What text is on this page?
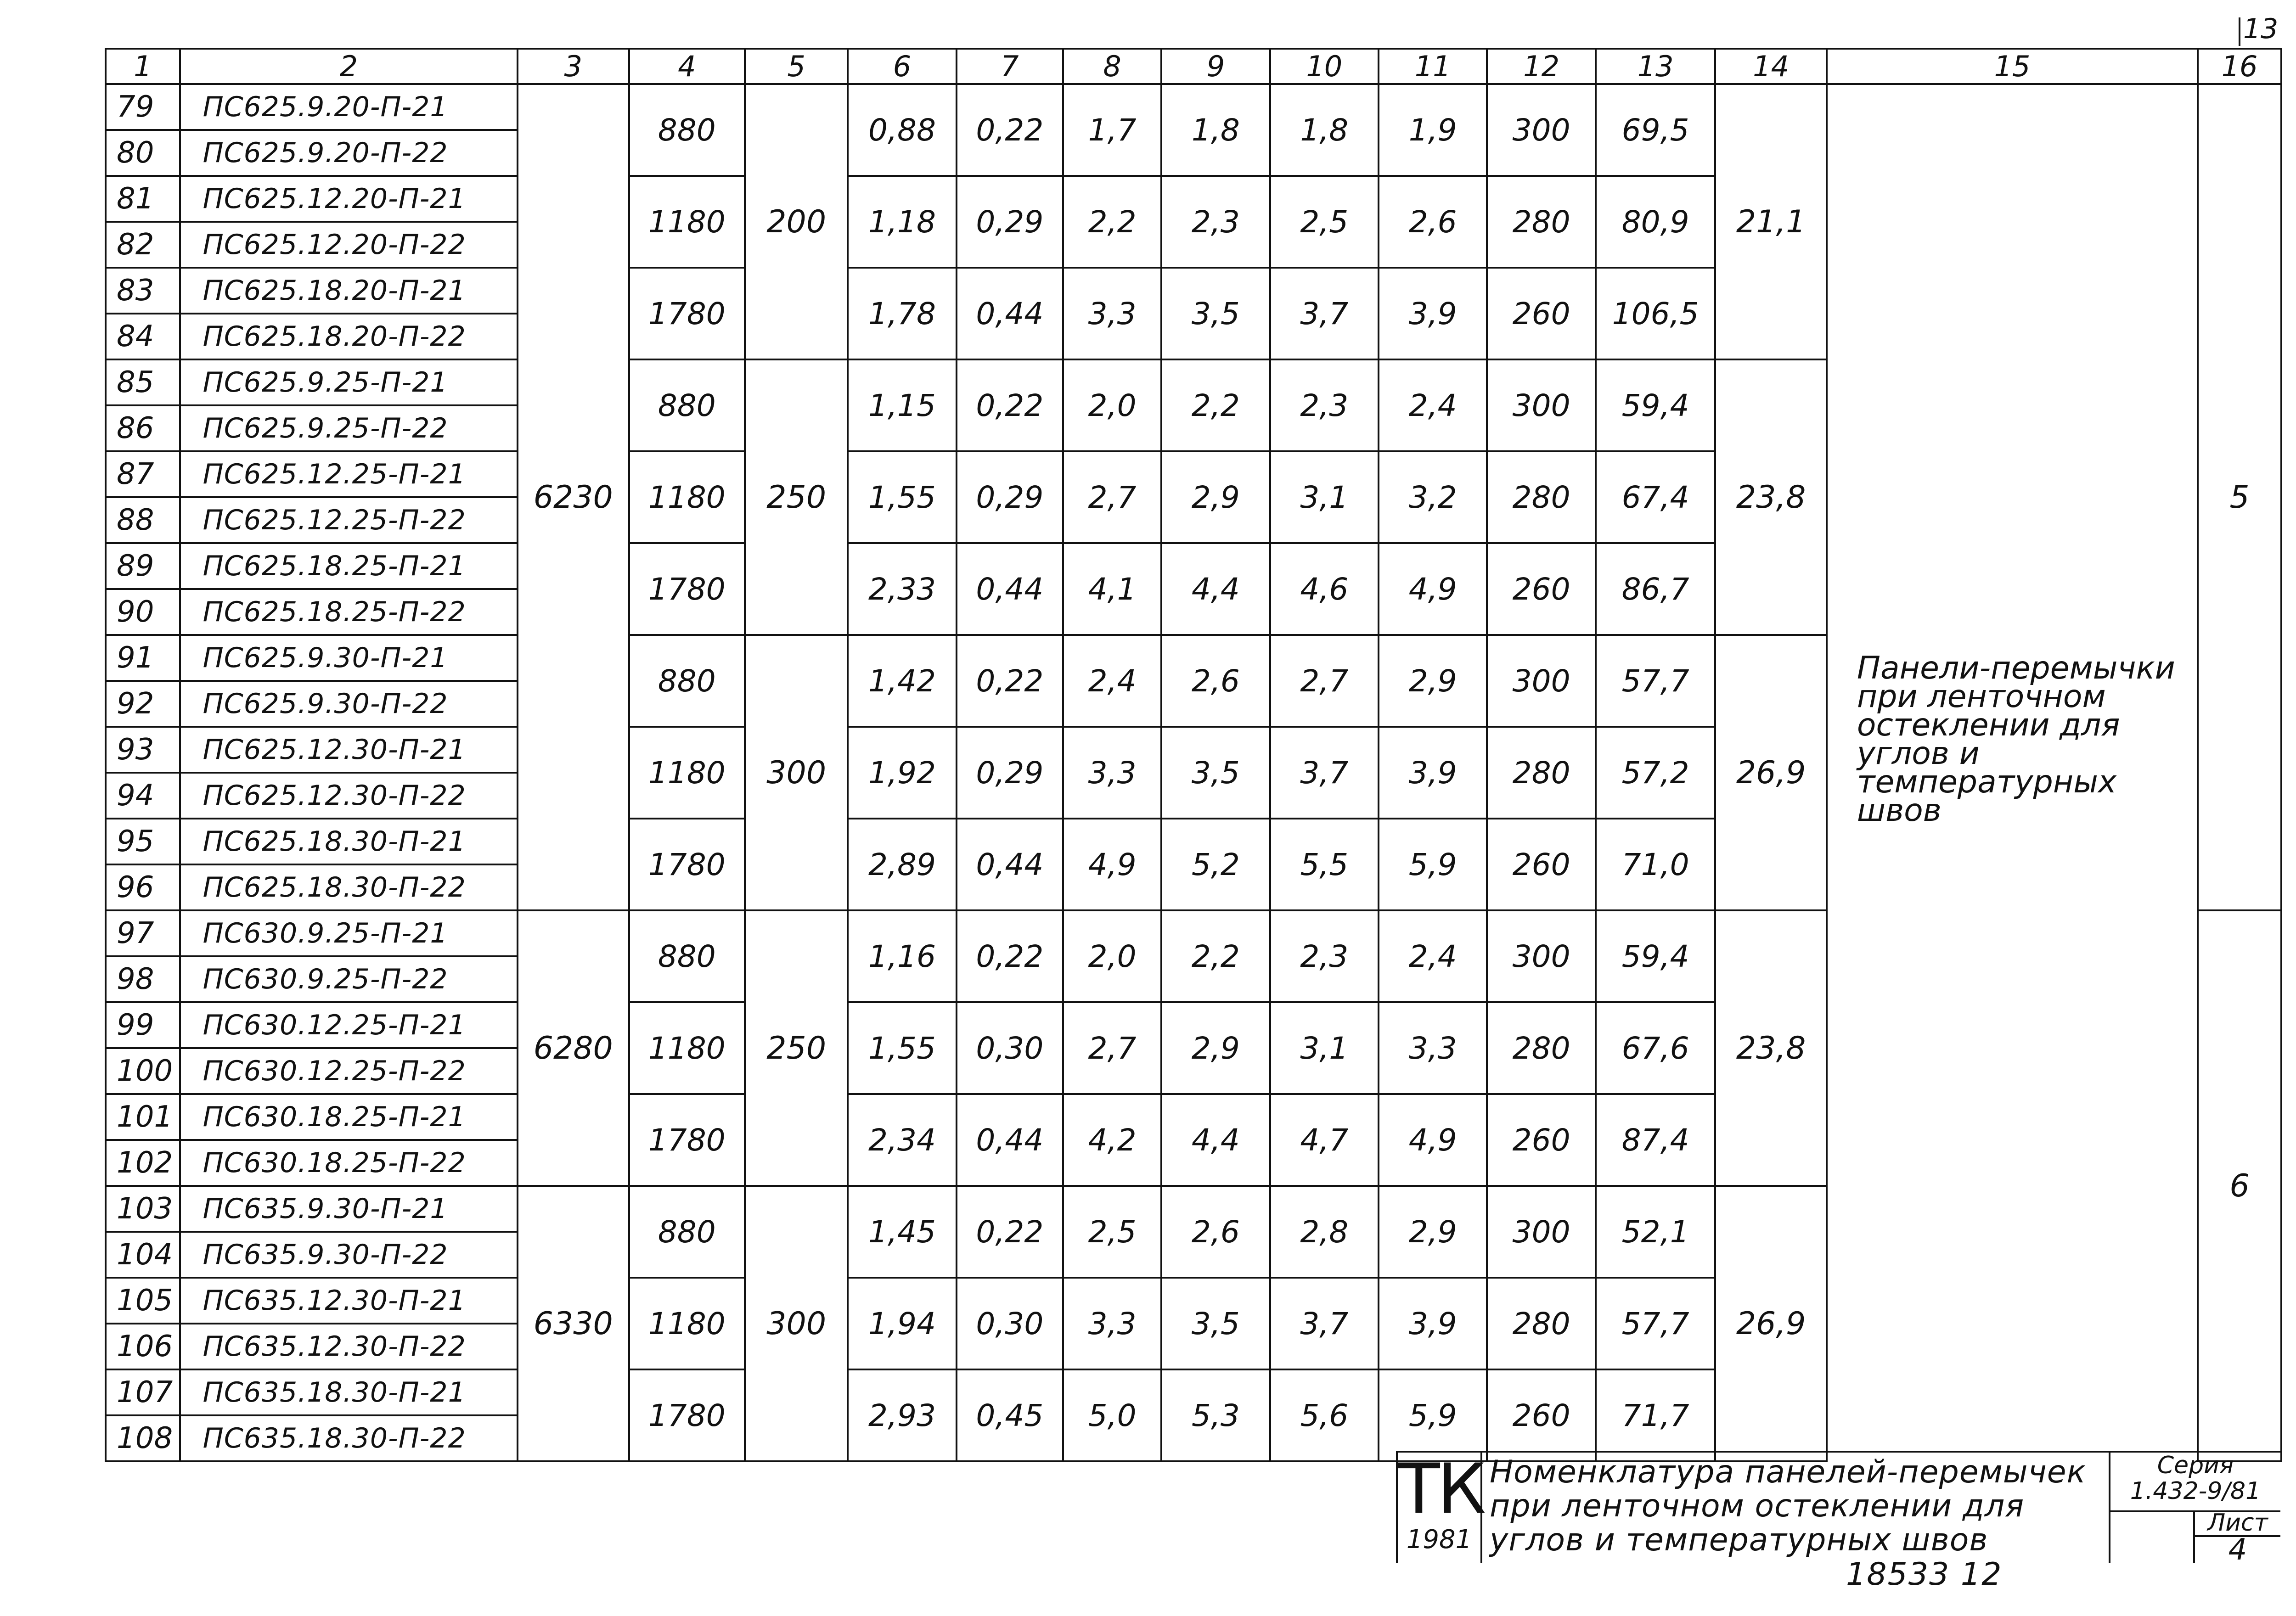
13
1	2	3	4	5	6	7	8	9	10	11	12	13	14	15	16
79	ПС625.9.20-П-21	6230	880	200	0,88	0,22	1,7	1,8	1,8	1,9	300	69,5	21,1	Панели-перемычки при ленточном остеклении для углов и температурных швов	5
80	ПС625.9.20-П-22														
81	ПС625.12.20-П-21		1180		1,18	0,29	2,2	2,3	2,5	2,6	280	80,9			
82	ПС625.12.20-П-22														
83	ПС625.18.20-П-21		1780		1,78	0,44	3,3	3,5	3,7	3,9	260	106,5			
84	ПС625.18.20-П-22														
85	ПС625.9.25-П-21		880	250	1,15	0,22	2,0	2,2	2,3	2,4	300	59,4	23,8		
86	ПС625.9.25-П-22														
87	ПС625.12.25-П-21		1180		1,55	0,29	2,7	2,9	3,1	3,2	280	67,4			
88	ПС625.12.25-П-22														
89	ПС625.18.25-П-21		1780		2,33	0,44	4,1	4,4	4,6	4,9	260	86,7			
90	ПС625.18.25-П-22														
91	ПС625.9.30-П-21		880	300	1,42	0,22	2,4	2,6	2,7	2,9	300	57,7	26,9		
92	ПС625.9.30-П-22														
93	ПС625.12.30-П-21		1180		1,92	0,29	3,3	3,5	3,7	3,9	280	57,2			
94	ПС625.12.30-П-22														
95	ПС625.18.30-П-21		1780		2,89	0,44	4,9	5,2	5,5	5,9	260	71,0			
96	ПС625.18.30-П-22														
97	ПС630.9.25-П-21	6280	880	250	1,16	0,22	2,0	2,2	2,3	2,4	300	59,4	23,8		6
98	ПС630.9.25-П-22														
99	ПС630.12.25-П-21		1180		1,55	0,30	2,7	2,9	3,1	3,3	280	67,6			
100	ПС630.12.25-П-22														
101	ПС630.18.25-П-21		1780		2,34	0,44	4,2	4,4	4,7	4,9	260	87,4			
102	ПС630.18.25-П-22														
103	ПС635.9.30-П-21	6330	880	300	1,45	0,22	2,5	2,6	2,8	2,9	300	52,1	26,9		
104	ПС635.9.30-П-22														
105	ПС635.12.30-П-21		1180		1,94	0,30	3,3	3,5	3,7	3,9	280	57,7			
106	ПС635.12.30-П-22														
107	ПС635.18.30-П-21		1780		2,93	0,45	5,0	5,3	5,6	5,9	260	71,7			
108	ПС635.18.30-П-22														
ТК
1981
Номенклатура панелей-перемычек при ленточном остеклении для углов и температурных швов
Серия
1.432-9/81
Лист
4
18533 12
